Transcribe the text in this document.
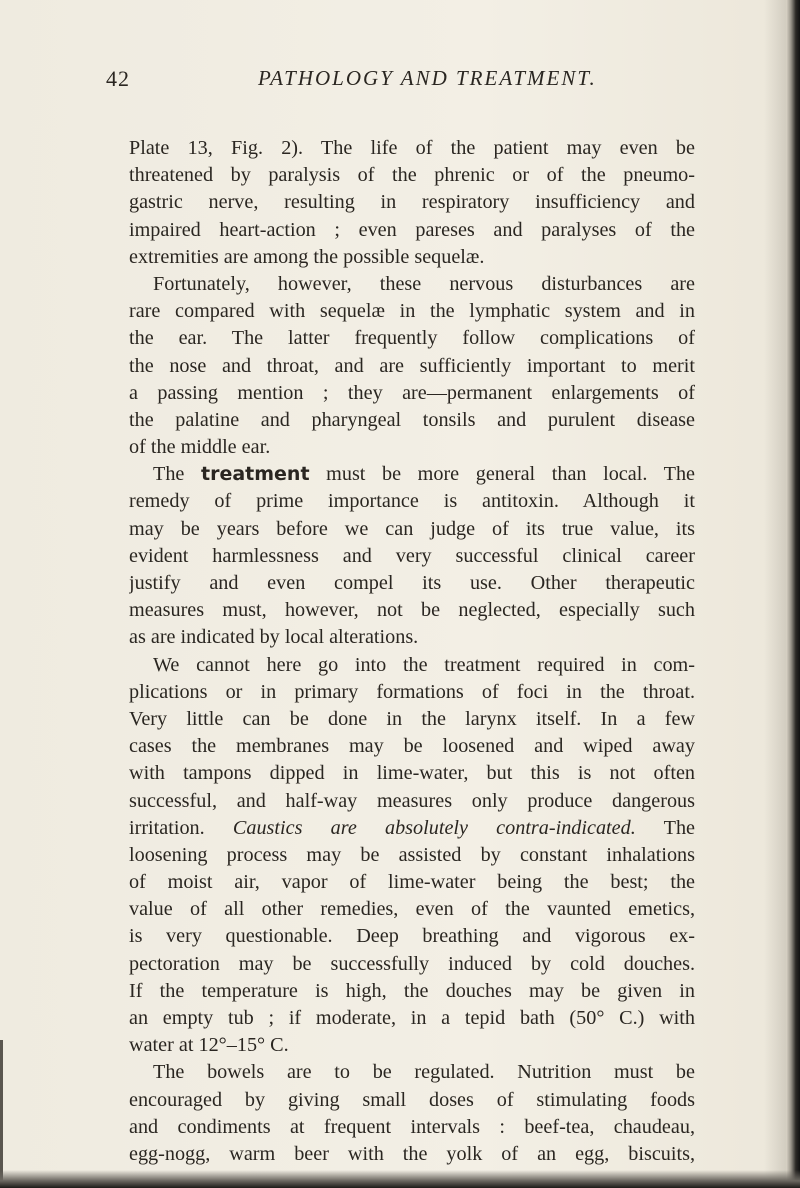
42	PATHOLOGY AND TREATMENT.
Plate 13, Fig. 2). The life of the patient may even be
threatened by paralysis of the phrenic or of the pneumo-
gastric nerve, resulting in respiratory insufficiency and
impaired heart-action ; even pareses and paralyses of the
extremities are among the possible sequelæ.
Fortunately, however, these nervous disturbances are
rare compared with sequelæ in the lymphatic system and in
the ear. The latter frequently follow complications of
the nose and throat, and are sufficiently important to merit
a passing mention ; they are—permanent enlargements of
the palatine and pharyngeal tonsils and purulent disease
of the middle ear.
The treatment must be more general than local. The
remedy of prime importance is antitoxin. Although it
may be years before we can judge of its true value, its
evident harmlessness and very successful clinical career
justify and even compel its use. Other therapeutic
measures must, however, not be neglected, especially such
as are indicated by local alterations.
We cannot here go into the treatment required in com-
plications or in primary formations of foci in the throat.
Very little can be done in the larynx itself. In a few
cases the membranes may be loosened and wiped away
with tampons dipped in lime-water, but this is not often
successful, and half-way measures only produce dangerous
irritation. Caustics are absolutely contra-indicated. The
loosening process may be assisted by constant inhalations
of moist air, vapor of lime-water being the best; the
value of all other remedies, even of the vaunted emetics,
is very questionable. Deep breathing and vigorous ex-
pectoration may be successfully induced by cold douches.
If the temperature is high, the douches may be given in
an empty tub ; if moderate, in a tepid bath (50° C.) with
water at 12°–15° C.
The bowels are to be regulated. Nutrition must be
encouraged by giving small doses of stimulating foods
and condiments at frequent intervals : beef-tea, chaudeau,
egg-nogg, warm beer with the yolk of an egg, biscuits,
